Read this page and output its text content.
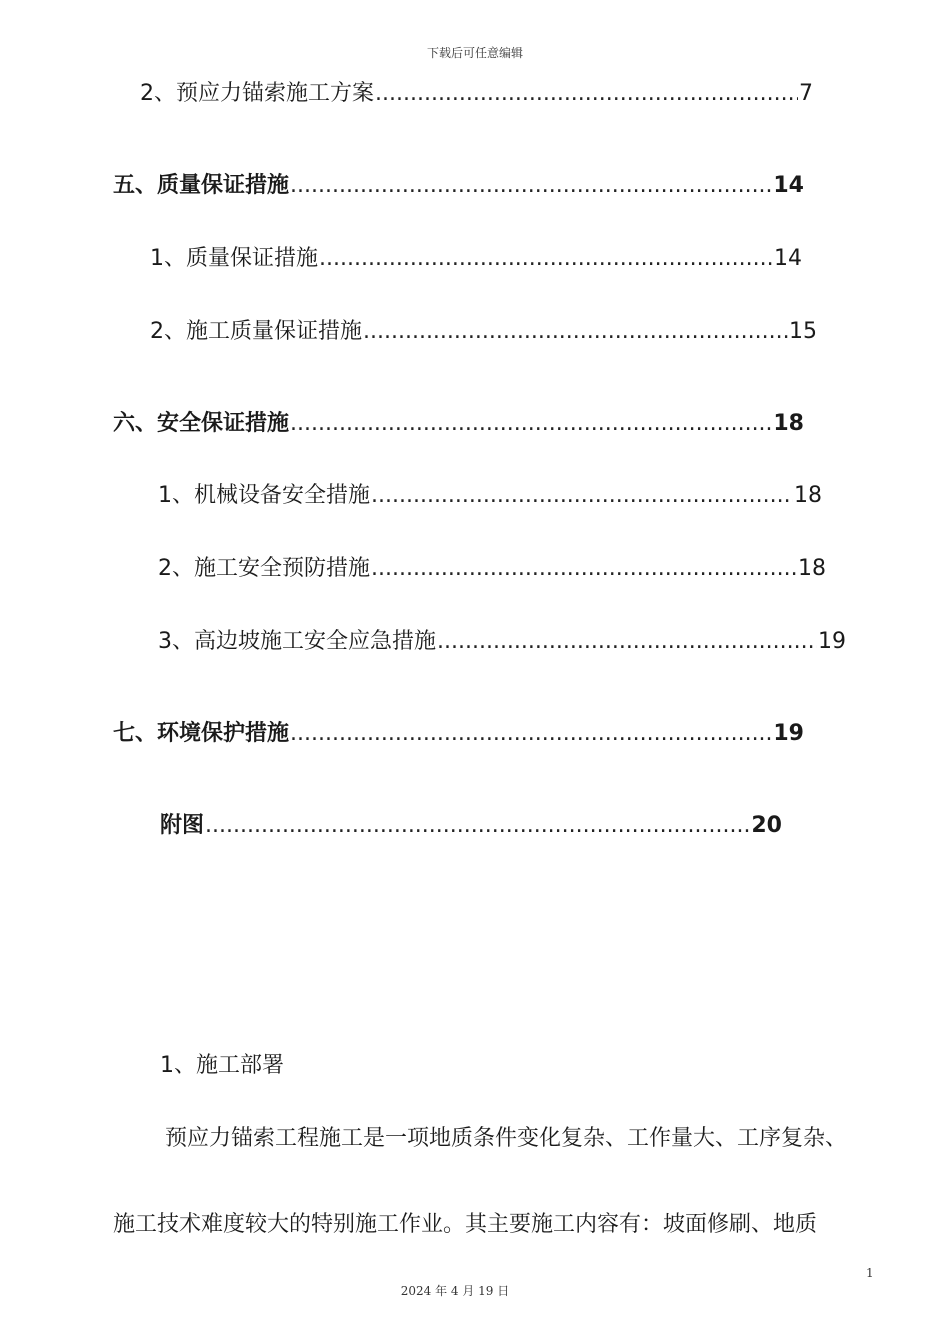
下载后可任意编辑
2、预应力锚索施工方案 .....	7
五、质量保证措施 .....	14
1、质量保证措施 .....	14
2、施工质量保证措施 .....	15
六、安全保证措施 .....	18
1、机械设备安全措施 .....	18
2、施工安全预防措施 .....	18
3、高边坡施工安全应急措施 .....	19
七、环境保护措施 .....	19
附图 .....	20
1、施工部署
预应力锚索工程施工是一项地质条件变化复杂、工作量大、工序复杂、
施工技术难度较大的特别施工作业。其主要施工内容有：坡面修刷、地质
1
2024 年 4 月 19 日
